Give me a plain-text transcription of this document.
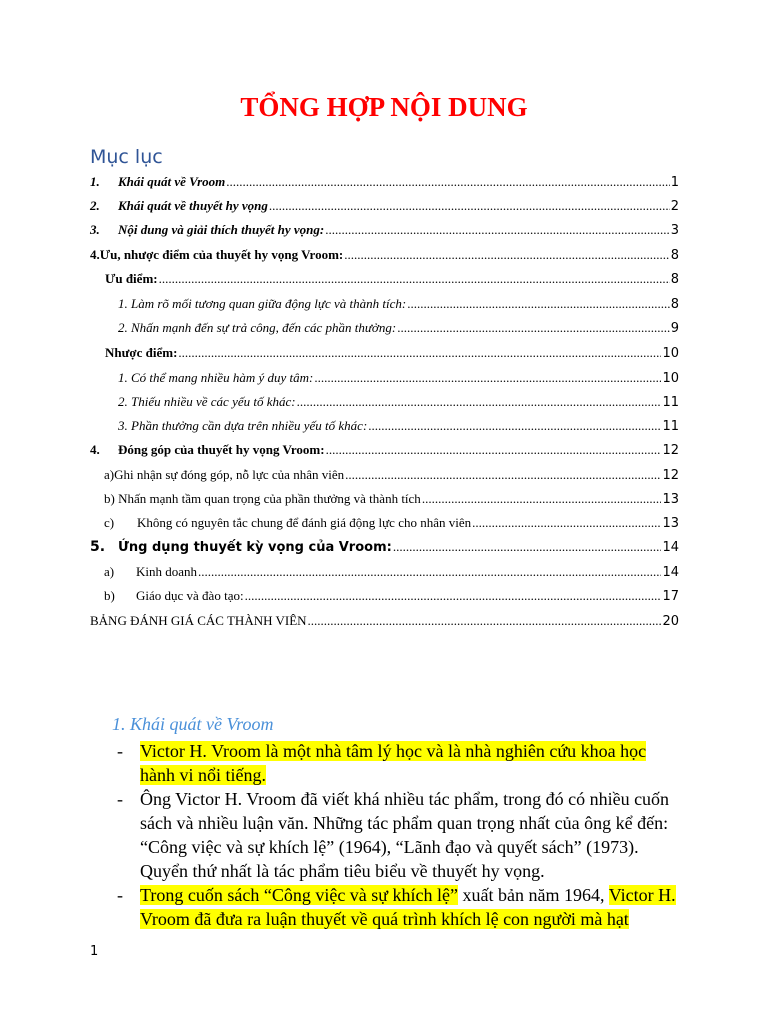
TỔNG HỢP NỘI DUNG
Mục lục
1.	Khái quát về Vroom .....	1
2.	Khái quát về thuyết hy vọng .....	2
3.	Nội dung và giải thích thuyết hy vọng: .....	3
4.Ưu, nhược điểm của thuyết hy vọng Vroom: .....	8
Ưu điểm: .....	8
1. Làm rõ mối tương quan giữa động lực và thành tích: .....	8
2. Nhấn mạnh đến sự trả công, đến các phần thưởng: .....	9
Nhược điểm: .....	10
1. Có thể mang nhiều hàm ý duy tâm: .....	10
2. Thiếu nhiều về các yếu tố khác: .....	11
3. Phần thưởng cần dựa trên nhiều yếu tố khác: .....	11
4.	Đóng góp của thuyết hy vọng Vroom: .....	12
a)Ghi nhận sự đóng góp, nỗ lực của nhân viên .....	12
b) Nhấn mạnh tầm quan trọng của phần thưởng và thành tích .....	13
c)	Không có nguyên tắc chung để đánh giá động lực cho nhân viên .....	13
5. Ứng dụng thuyết kỳ vọng của Vroom: .....	14
a)	Kinh doanh .....	14
b)	Giáo dục và đào tạo: .....	17
BẢNG ĐÁNH GIÁ CÁC THÀNH VIÊN .....	20
1. Khái quát về Vroom
- Victor H. Vroom là một nhà tâm lý học và là nhà nghiên cứu khoa học hành vi nổi tiếng.
- Ông Victor H. Vroom đã viết khá nhiều tác phẩm, trong đó có nhiều cuốn sách và nhiều luận văn. Những tác phẩm quan trọng nhất của ông kể đến: “Công việc và sự khích lệ” (1964), “Lãnh đạo và quyết sách” (1973). Quyển thứ nhất là tác phẩm tiêu biểu về thuyết hy vọng.
- Trong cuốn sách “Công việc và sự khích lệ” xuất bản năm 1964, Victor H. Vroom đã đưa ra luận thuyết về quá trình khích lệ con người mà hạt
1
